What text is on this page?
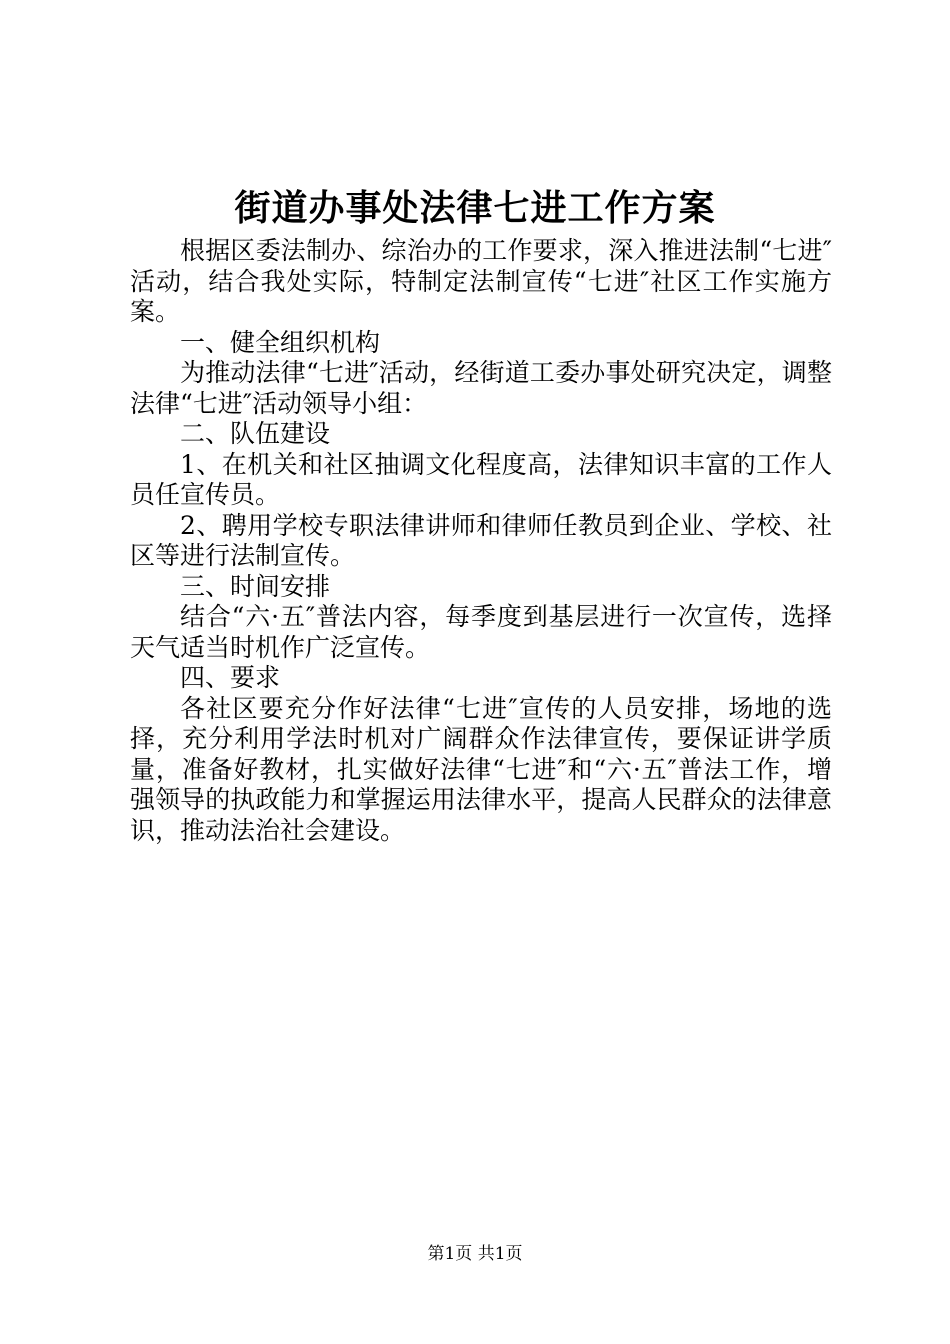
街道办事处法律七进工作方案

根据区委法制办、综治办的工作要求，深入推进法制“七进″活动，结合我处实际，特制定法制宣传“七进″社区工作实施方案。

一、健全组织机构

为推动法律“七进″活动，经街道工委办事处研究决定，调整法律“七进″活动领导小组：

二、队伍建设

1、在机关和社区抽调文化程度高，法律知识丰富的工作人员任宣传员。

2、聘用学校专职法律讲师和律师任教员到企业、学校、社区等进行法制宣传。

三、时间安排

结合“六·五″普法内容，每季度到基层进行一次宣传，选择天气适当时机作广泛宣传。

四、要求

各社区要充分作好法律“七进″宣传的人员安排，场地的选择，充分利用学法时机对广阔群众作法律宣传，要保证讲学质量，准备好教材，扎实做好法律“七进″和“六·五″普法工作，增强领导的执政能力和掌握运用法律水平，提高人民群众的法律意识，推动法治社会建设。

第1页 共1页
